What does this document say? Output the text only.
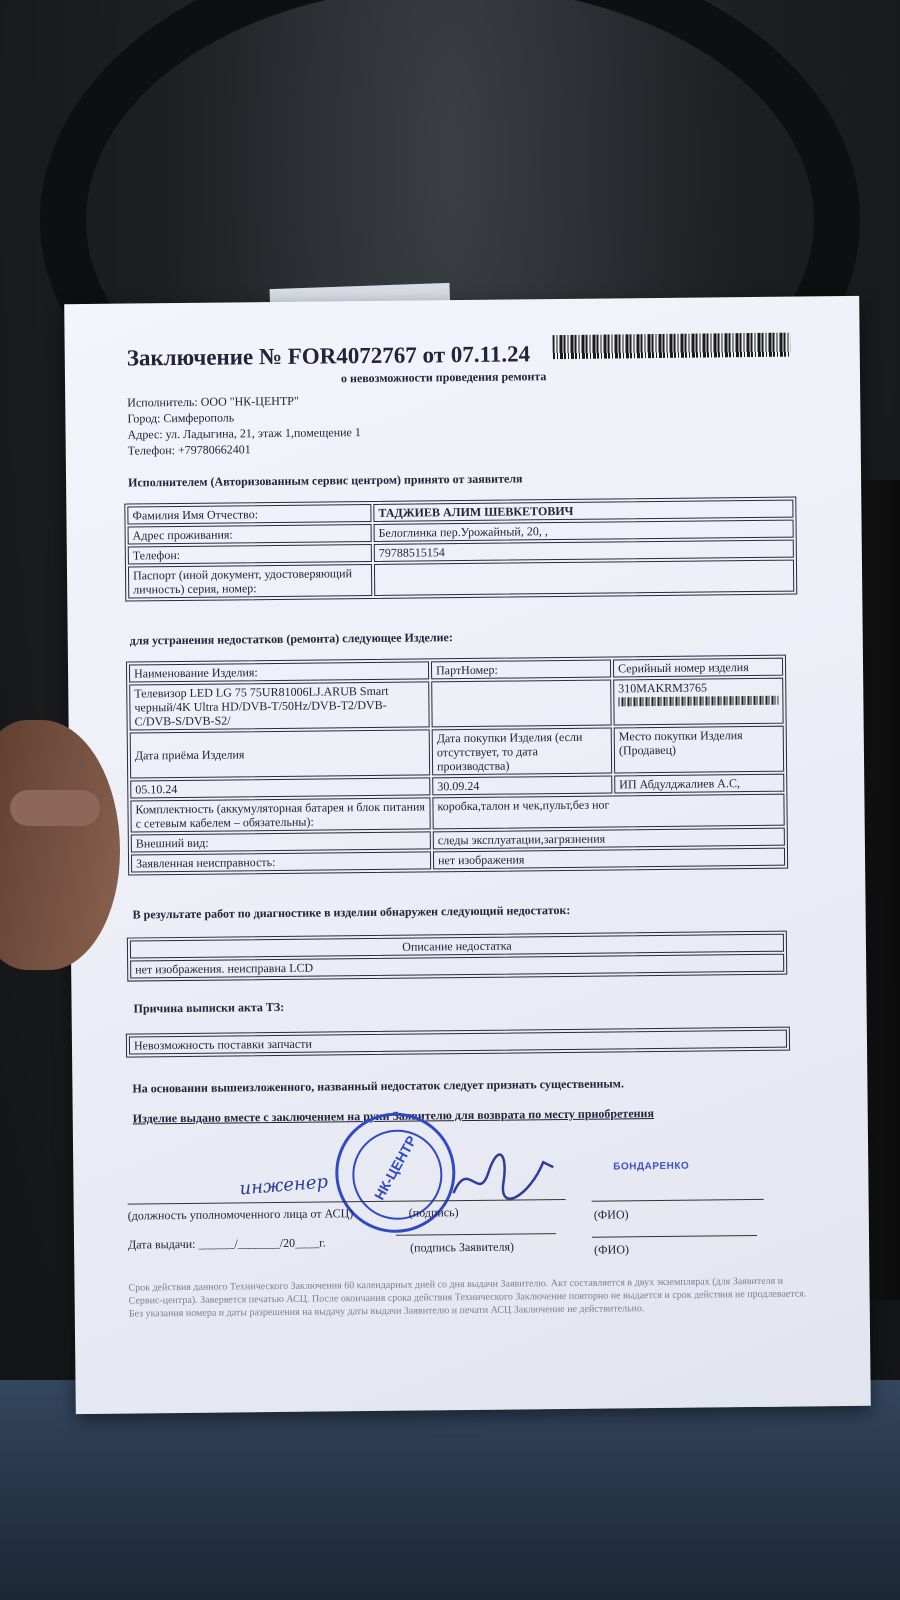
Заключение № FOR4072767 от 07.11.24
о невозможности проведения ремонта
Исполнитель: ООО "НК-ЦЕНТР"
Город: Симферополь
Адрес: ул. Ладыгина, 21, этаж 1,помещение 1
Телефон: +79780662401
Исполнителем (Авторизованным сервис центром) принято от заявителя
Фамилия Имя Отчество:	ТАДЖИЕВ АЛИМ ШЕВКЕТОВИЧ
Адрес проживания:	Белоглинка пер.Урожайный, 20, ,
Телефон:	79788515154
Паспорт (иной документ, удостоверяющий личность) серия, номер:	
для устранения недостатков (ремонта) следующее Изделие:
Наименование Изделия:	ПартНомер:	Серийный номер изделия
Телевизор LED LG 75 75UR81006LJ.ARUB Smart черный/4K Ultra HD/DVB-T/50Hz/DVB-T2/DVB-C/DVB-S/DVB-S2/		310MAKRM3765

Дата приёма Изделия	Дата покупки Изделия (если отсутствует, то дата производства)	Место покупки Изделия (Продавец)
05.10.24	30.09.24	ИП Абдулджалиев А.С,
Комплектность (аккумуляторная батарея и блок питания с сетевым кабелем – обязательны):	коробка,талон и чек,пульт,без ног	
Внешний вид:	следы эксплуатации,загрязнения	
Заявленная неисправность:	нет изображения	
В результате работ по диагностике в изделии обнаружен следующий недостаток:
Описание недостатка
нет изображения. неисправна LCD
Причина выписки акта ТЗ:
Невозможность поставки запчасти
На основании вышеизложенного, названный недостаток следует признать существенным.
Изделие выдано вместе с заключением на руки Заявителю для возврата по месту приобретения
НК-ЦЕНТР
инженер
БОНДАРЕНКО
(должность уполномоченного лица от АСЦ)	(подпись)	(ФИО)
Дата выдачи: ______/_______/20____г.	(подпись Заявителя)	(ФИО)
Срок действия данного Технического Заключения 60 календарных дней со дня выдачи Заявителю. Акт составляется в двух экземплярах (для Заявителя и Сервис-центра). Заверяется печатью АСЦ. После окончания срока действия Технического Заключение повторно не выдается и срок действия не продлевается. Без указания номера и даты разрешения на выдачу даты выдачи Заявителю и печати АСЦ Заключение не действительно.
